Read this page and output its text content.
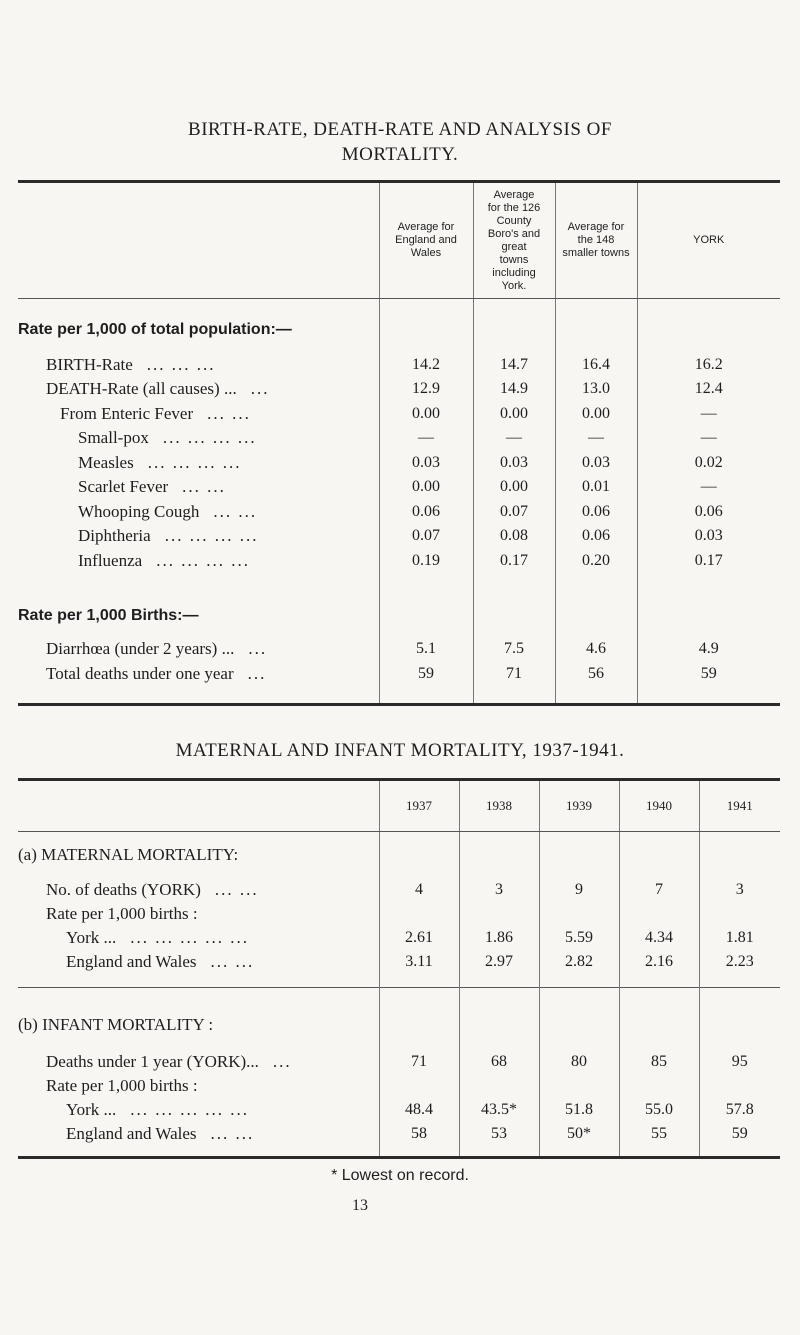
BIRTH-RATE, DEATH-RATE AND ANALYSIS OF
MORTALITY.
	Average for England and Wales	Average for the 126 County Boro's and great towns including York.	Average for the 148 smaller towns	YORK

Rate per 1,000 of total population:—				

BIRTH-Rate ... ... ...	14.2	14.7	16.4	16.2
DEATH-Rate (all causes) ... ...	12.9	14.9	13.0	12.4
From Enteric Fever ... ...	0.00	0.00	0.00	—
Small-pox ... ... ... ...	—	—	—	—
Measles ... ... ... ...	0.03	0.03	0.03	0.02
Scarlet Fever ... ...	0.00	0.00	0.01	—
Whooping Cough ... ...	0.06	0.07	0.06	0.06
Diphtheria ... ... ... ...	0.07	0.08	0.06	0.03
Influenza ... ... ... ...	0.19	0.17	0.20	0.17

Rate per 1,000 Births:—				

Diarrhœa (under 2 years) ... ...	5.1	7.5	4.6	4.9
Total deaths under one year ...	59	71	56	59

MATERNAL AND INFANT MORTALITY, 1937-1941.
	1937	1938	1939	1940	1941

(a) MATERNAL MORTALITY:					

No. of deaths (YORK) ... ...	4	3	9	7	3
Rate per 1,000 births :					
York ... ... ... ... ... ...	2.61	1.86	5.59	4.34	1.81
England and Wales ... ...	3.11	2.97	2.82	2.16	2.23

(b) INFANT MORTALITY :					

Deaths under 1 year (YORK)... ...	71	68	80	85	95
Rate per 1,000 births :					
York ... ... ... ... ... ...	48.4	43.5*	51.8	55.0	57.8
England and Wales ... ...	58	53	50*	55	59

* Lowest on record.
13
